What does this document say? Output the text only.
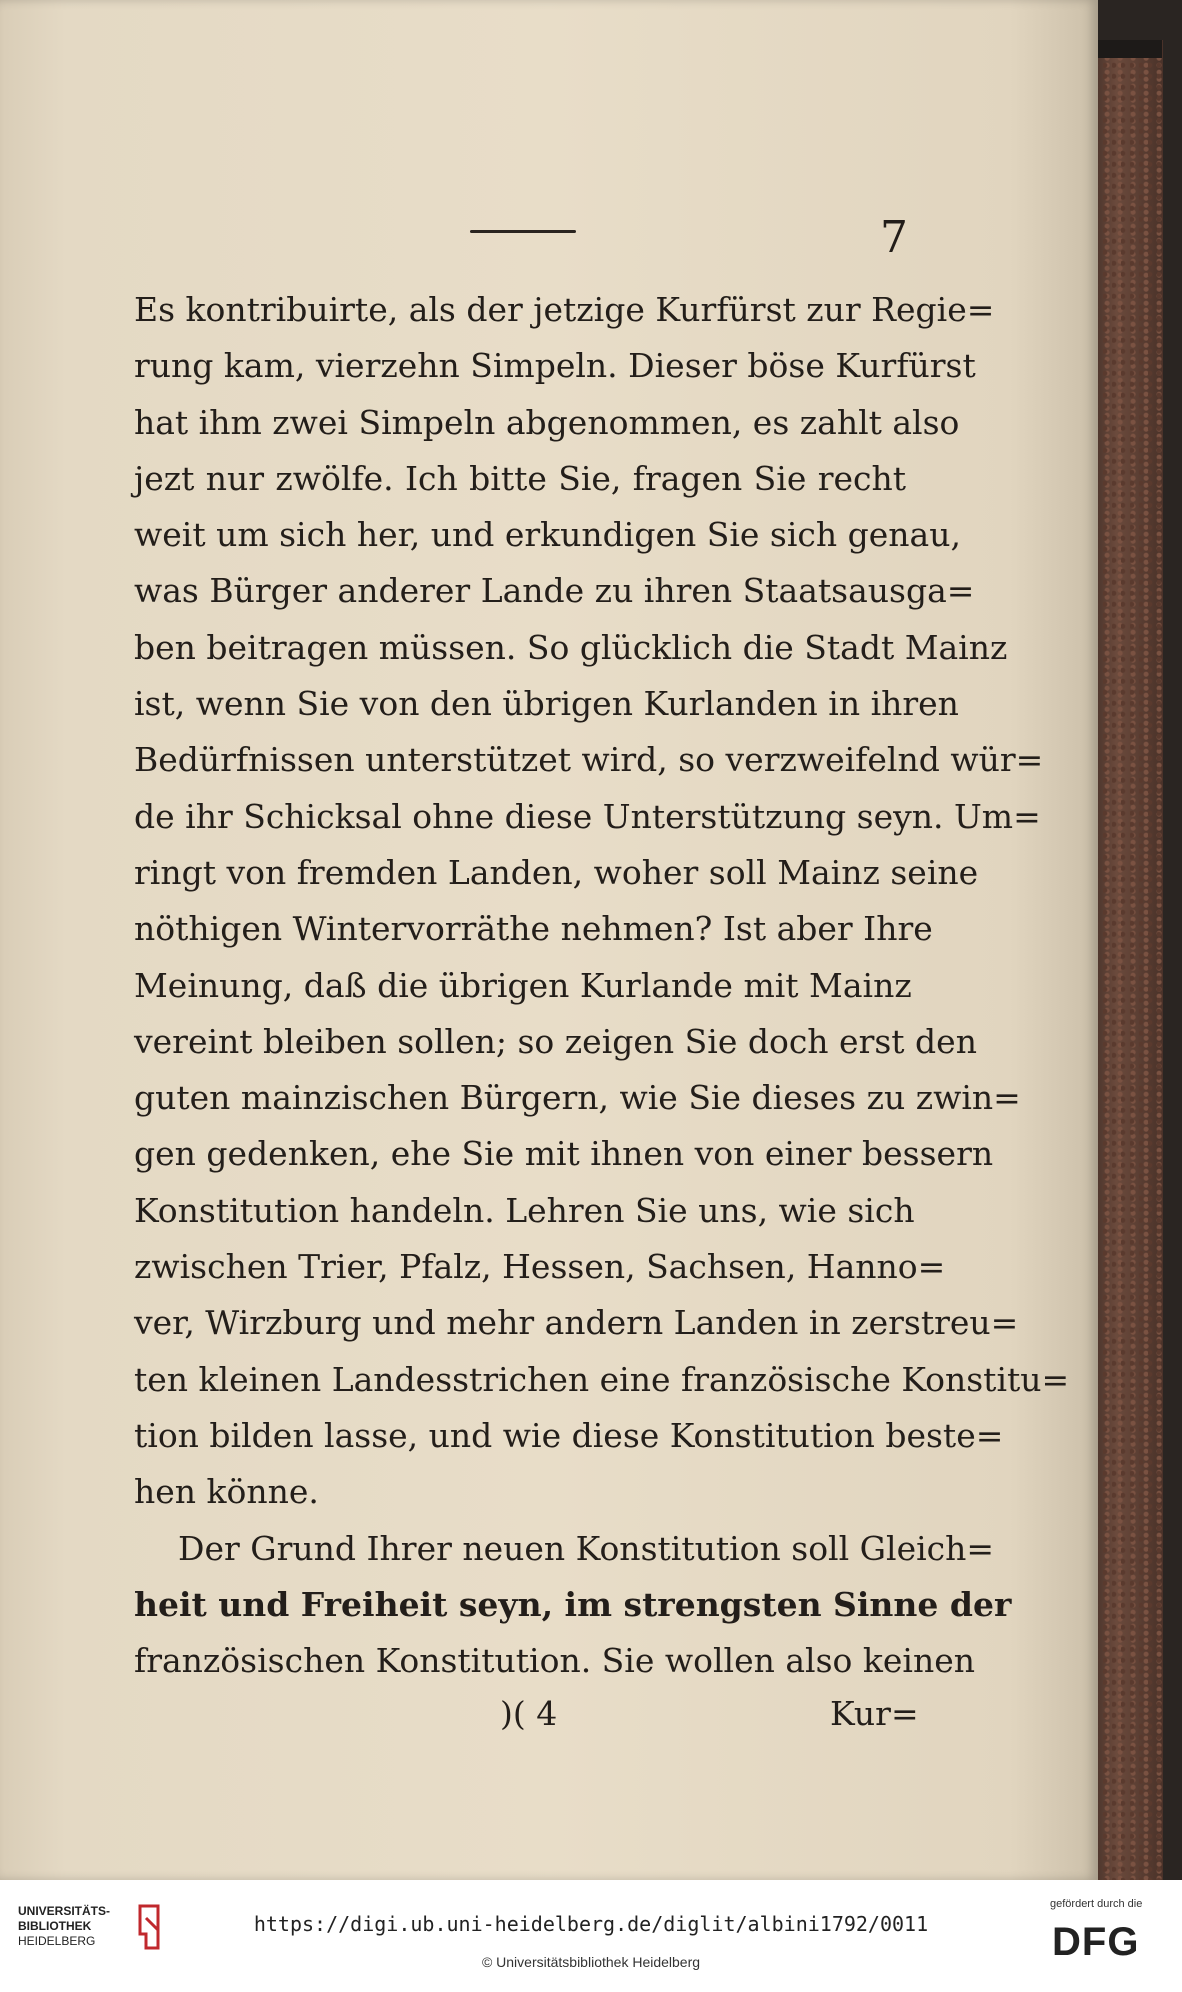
7
Es kontribuirte, als der jetzige Kurfürst zur Regie=
rung kam, vierzehn Simpeln. Dieser böse Kurfürst
hat ihm zwei Simpeln abgenommen, es zahlt also
jezt nur zwölfe. Ich bitte Sie, fragen Sie recht
weit um sich her, und erkundigen Sie sich genau,
was Bürger anderer Lande zu ihren Staatsausga=
ben beitragen müssen. So glücklich die Stadt Mainz
ist, wenn Sie von den übrigen Kurlanden in ihren
Bedürfnissen unterstützet wird, so verzweifelnd wür=
de ihr Schicksal ohne diese Unterstützung seyn. Um=
ringt von fremden Landen, woher soll Mainz seine
nöthigen Wintervorräthe nehmen? Ist aber Ihre
Meinung, daß die übrigen Kurlande mit Mainz
vereint bleiben sollen; so zeigen Sie doch erst den
guten mainzischen Bürgern, wie Sie dieses zu zwin=
gen gedenken, ehe Sie mit ihnen von einer bessern
Konstitution handeln. Lehren Sie uns, wie sich
zwischen Trier, Pfalz, Hessen, Sachsen, Hanno=
ver, Wirzburg und mehr andern Landen in zerstreu=
ten kleinen Landesstrichen eine französische Konstitu=
tion bilden lasse, und wie diese Konstitution beste=
hen könne.
Der Grund Ihrer neuen Konstitution soll Gleich=
heit und Freiheit seyn, im strengsten Sinne der
französischen Konstitution. Sie wollen also keinen
)( 4	Kur=
UNIVERSITÄTS-
BIBLIOTHEK
HEIDELBERG
https://digi.ub.uni-heidelberg.de/diglit/albini1792/0011
© Universitätsbibliothek Heidelberg
gefördert durch die
DFG
